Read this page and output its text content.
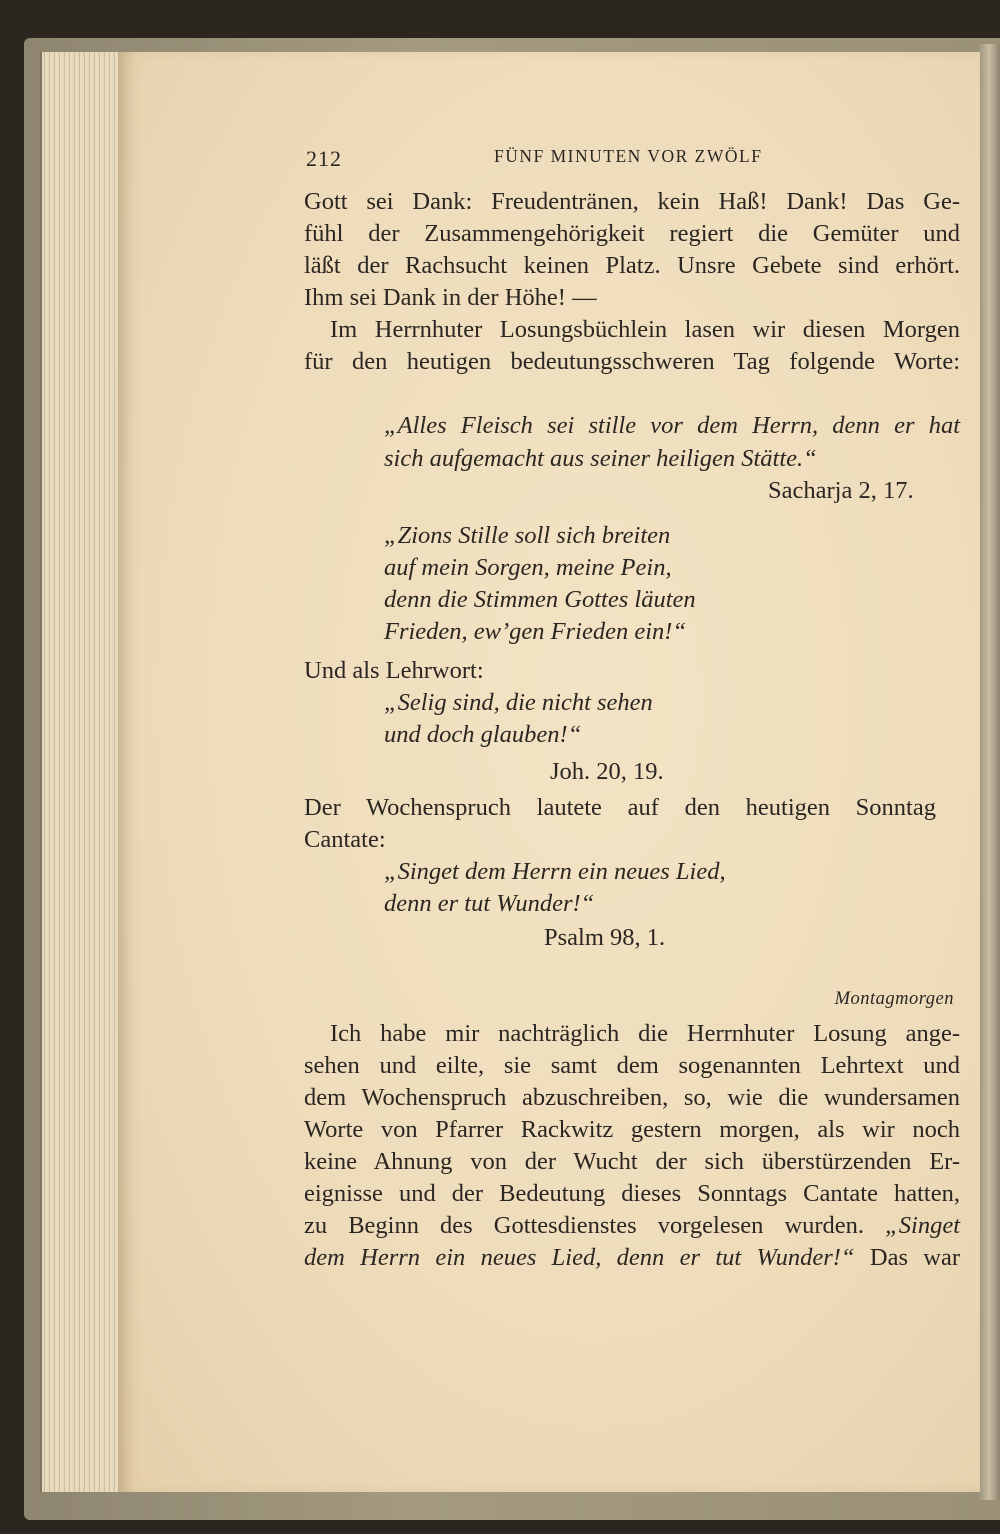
212	FÜNF MINUTEN VOR ZWÖLF
Gott sei Dank: Freudentränen, kein Haß! Dank! Das Ge-
fühl der Zusammengehörigkeit regiert die Gemüter und
läßt der Rachsucht keinen Platz. Unsre Gebete sind erhört.
Ihm sei Dank in der Höhe! —
Im Herrnhuter Losungsbüchlein lasen wir diesen Morgen
für den heutigen bedeutungsschweren Tag folgende Worte:
„Alles Fleisch sei stille vor dem Herrn, denn er hat
sich aufgemacht aus seiner heiligen Stätte.“
Sacharja 2, 17.
„Zions Stille soll sich breiten
auf mein Sorgen, meine Pein,
denn die Stimmen Gottes läuten
Frieden, ew’gen Frieden ein!“
Und als Lehrwort:
„Selig sind, die nicht sehen
und doch glauben!“
Joh. 20, 19.
Der Wochenspruch lautete auf den heutigen Sonntag
Cantate:
„Singet dem Herrn ein neues Lied,
denn er tut Wunder!“
Psalm 98, 1.
Montagmorgen
Ich habe mir nachträglich die Herrnhuter Losung ange-
sehen und eilte, sie samt dem sogenannten Lehrtext und
dem Wochenspruch abzuschreiben, so, wie die wundersamen
Worte von Pfarrer Rackwitz gestern morgen, als wir noch
keine Ahnung von der Wucht der sich überstürzenden Er-
eignisse und der Bedeutung dieses Sonntags Cantate hatten,
zu Beginn des Gottesdienstes vorgelesen wurden. „Singet
dem Herrn ein neues Lied, denn er tut Wunder!“ Das war
